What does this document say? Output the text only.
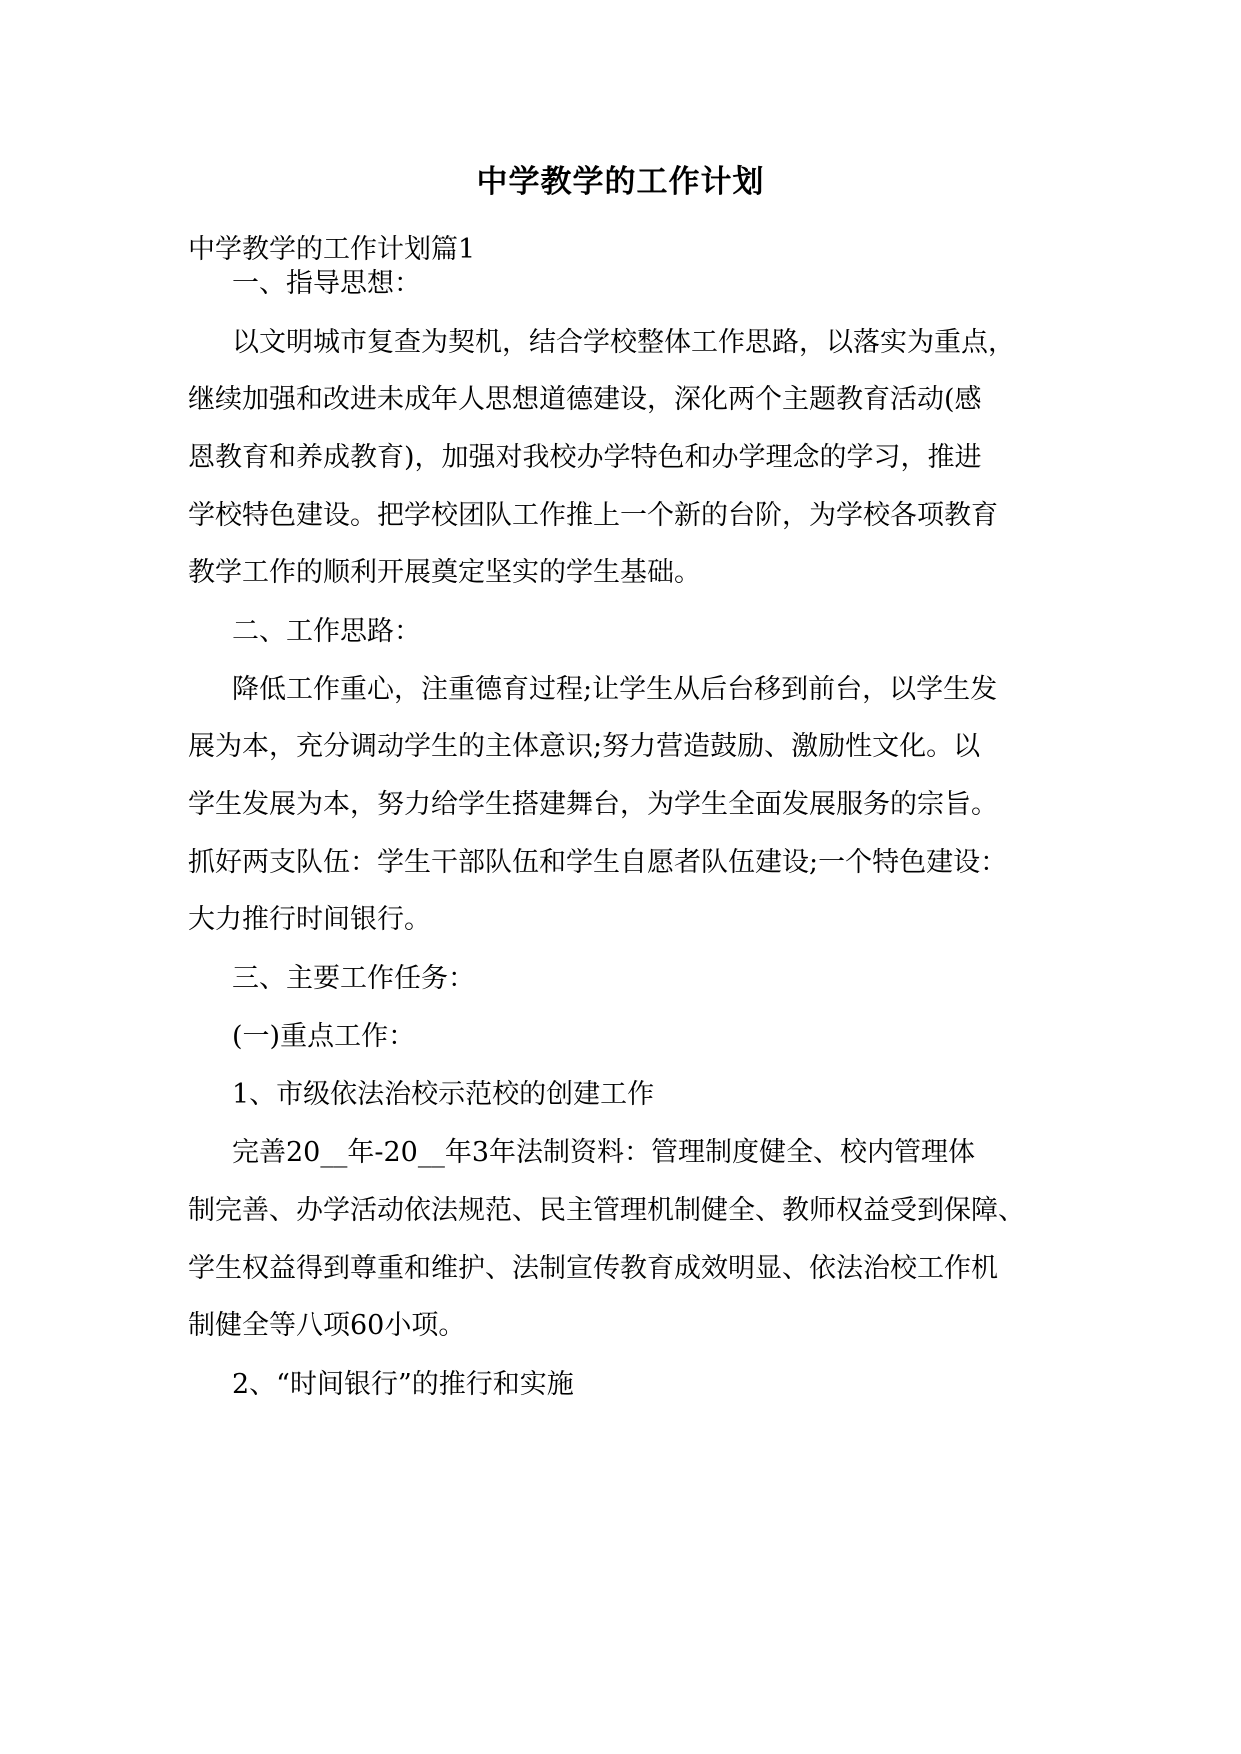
中学教学的工作计划
中学教学的工作计划篇1
一、指导思想：
以文明城市复查为契机，结合学校整体工作思路，以落实为重点，
继续加强和改进未成年人思想道德建设，深化两个主题教育活动(感
恩教育和养成教育)，加强对我校办学特色和办学理念的学习，推进
学校特色建设。把学校团队工作推上一个新的台阶，为学校各项教育
教学工作的顺利开展奠定坚实的学生基础。
二、工作思路：
降低工作重心，注重德育过程;让学生从后台移到前台，以学生发
展为本，充分调动学生的主体意识;努力营造鼓励、激励性文化。以
学生发展为本，努力给学生搭建舞台，为学生全面发展服务的宗旨。
抓好两支队伍：学生干部队伍和学生自愿者队伍建设;一个特色建设：
大力推行时间银行。
三、主要工作任务：
(一)重点工作：
1、市级依法治校示范校的创建工作
完善20__年-20__年3年法制资料：管理制度健全、校内管理体
制完善、办学活动依法规范、民主管理机制健全、教师权益受到保障、
学生权益得到尊重和维护、法制宣传教育成效明显、依法治校工作机
制健全等八项60小项。
2、“时间银行”的推行和实施
